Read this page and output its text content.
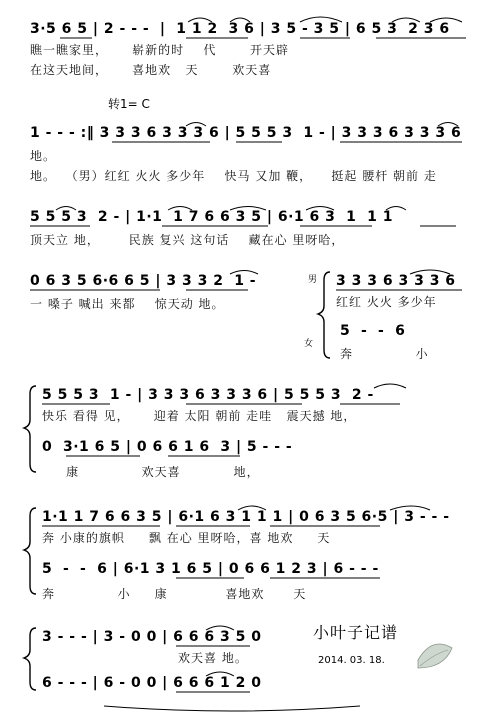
3·5 6 5 | 2 - - -  |  1 1 2  3 6 | 3 5 - 3 5 | 6 5 3  2 3 6
瞧一瞧家里，     崭新的时    代       开天辟
在这天地间，     喜地欢   天       欢天喜
转1= C
1 - - - :‖ 3 3 3 6 3 3 3 6 | 5 5 5 3  1 - | 3 3 3 6 3 3 3 6
地。
地。  （男）红红 火火 多少年    快马 又加 鞭，    挺起 腰杆 朝前 走
5 5 5 3  2 - | 1·1  1 7 6 6 3 5 | 6·1 6 3  1  1 1
顶天立 地，      民族 复兴 这句话    藏在心 里呀哈，
0 6 3 5 6·6 6 5 | 3 3 3 2  1 -
一 嗓子 喊出 来都    惊天动 地。
男
女
3 3 3 6 3 3 3 6
红红 火火 多少年
5  -  -  6
奔             小
5 5 5 3  1 - | 3 3 3 6 3 3 3 6 | 5 5 5 3  2 -
快乐 看得 见，     迎着 太阳 朝前 走哇   震天撼 地，
0  3·1 6 5 | 0 6 6 1 6  3 | 5 - - -
康             欢天喜           地，
1·1 1 7 6 6 3 5 | 6·1 6 3 1 1 1 | 0 6 3 5 6·5 | 3 - - -
奔 小康的旗帜     飘 在心 里呀哈，喜 地欢     天
5  -  -  6 | 6·1 3 1 6 5 | 0 6 6 1 2 3 | 6 - - -
奔             小     康            喜地欢      天
3 - - - | 3 - 0 0 | 6 6 6 3 5 0
欢天喜 地。
6 - - - | 6 - 0 0 | 6 6 6 1 2 0
小叶子记谱
2014. 03. 18.
